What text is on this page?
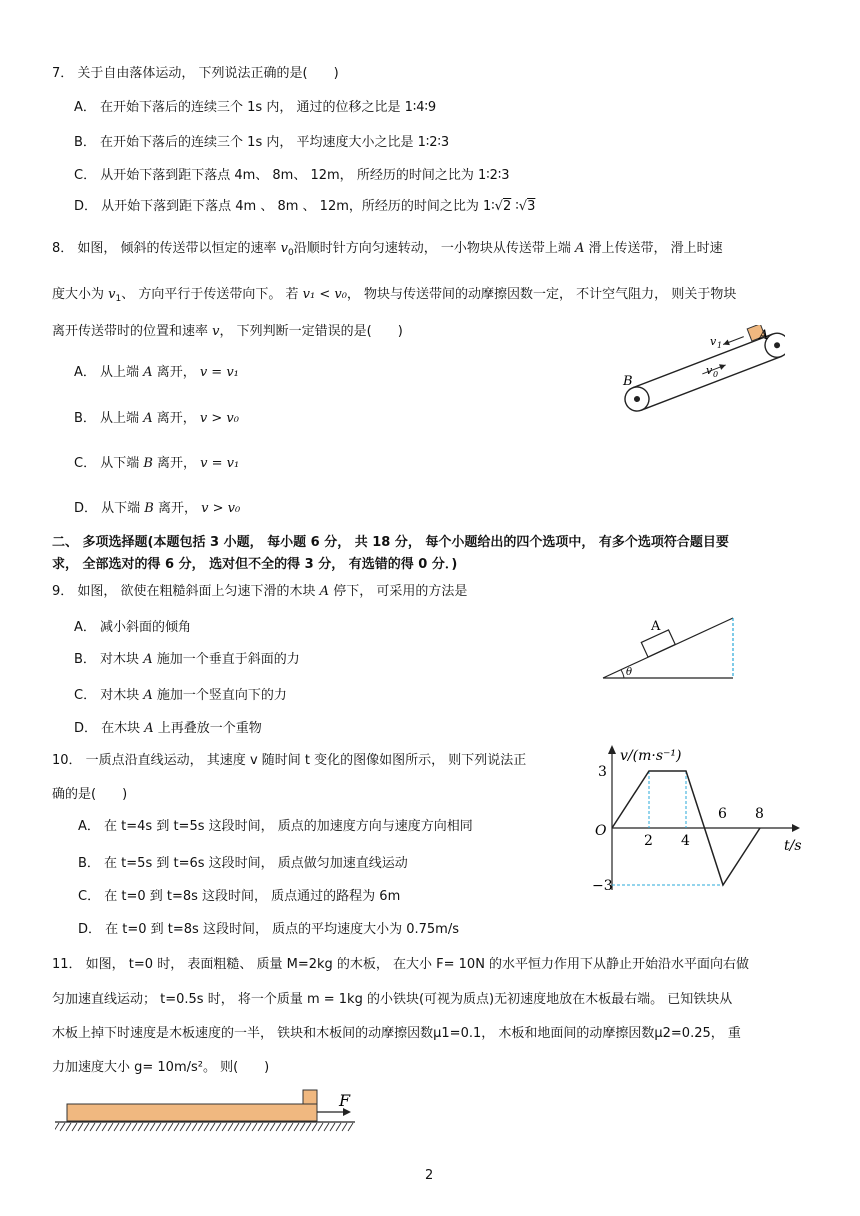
7． 关于自由落体运动， 下列说法正确的是(　　)
A． 在开始下落后的连续三个 1s 内， 通过的位移之比是 1∶4∶9
B． 在开始下落后的连续三个 1s 内， 平均速度大小之比是 1∶2∶3
C． 从开始下落到距下落点 4m、 8m、 12m， 所经历的时间之比为 1∶2∶3
D． 从开始下落到距下落点 4m 、 8m 、 12m，所经历的时间之比为 1∶√2 ∶√3
8． 如图， 倾斜的传送带以恒定的速率 $v_0$沿顺时针方向匀速转动， 一小物块从传送带上端 A 滑上传送带， 滑上时速
度大小为 $v_1$、 方向平行于传送带向下。 若 v₁ < v₀， 物块与传送带间的动摩擦因数一定， 不计空气阻力， 则关于物块
离开传送带时的位置和速率 v， 下列判断一定错误的是(　　)
A． 从上端 A 离开， v = v₁
B． 从上端 A 离开， v > v₀
C． 从下端 B 离开， v = v₁
D． 从下端 B 离开， v > v₀
A
B
v 1
v 0
二、 多项选择题(本题包括 3 小题， 每小题 6 分， 共 18 分， 每个小题给出的四个选项中， 有多个选项符合题目要
求， 全部选对的得 6 分， 选对但不全的得 3 分， 有选错的得 0 分．)
9． 如图， 欲使在粗糙斜面上匀速下滑的木块 A 停下， 可采用的方法是
A． 减小斜面的倾角
B． 对木块 A 施加一个垂直于斜面的力
C． 对木块 A 施加一个竖直向下的力
D． 在木块 A 上再叠放一个重物
A
θ
10． 一质点沿直线运动， 其速度 v 随时间 t 变化的图像如图所示， 则下列说法正
确的是(　　)
A． 在 t=4s 到 t=5s 这段时间， 质点的加速度方向与速度方向相同
B． 在 t=5s 到 t=6s 这段时间， 质点做匀加速直线运动
C． 在 t=0 到 t=8s 这段时间， 质点通过的路程为 6m
D． 在 t=0 到 t=8s 这段时间， 质点的平均速度大小为 0.75m/s
2 4
6 8
3
−3
v/(m·s⁻¹)
t/s
O
11． 如图， t=0 时， 表面粗糙、 质量 M=2kg 的木板， 在大小 F= 10N 的水平恒力作用下从静止开始沿水平面向右做
匀加速直线运动； t=0.5s 时， 将一个质量 m = 1kg 的小铁块(可视为质点)无初速度地放在木板最右端。 已知铁块从
木板上掉下时速度是木板速度的一半， 铁块和木板间的动摩擦因数μ1=0.1， 木板和地面间的动摩擦因数μ2=0.25， 重
力加速度大小 g= 10m/s²。 则(　　)
F
2
